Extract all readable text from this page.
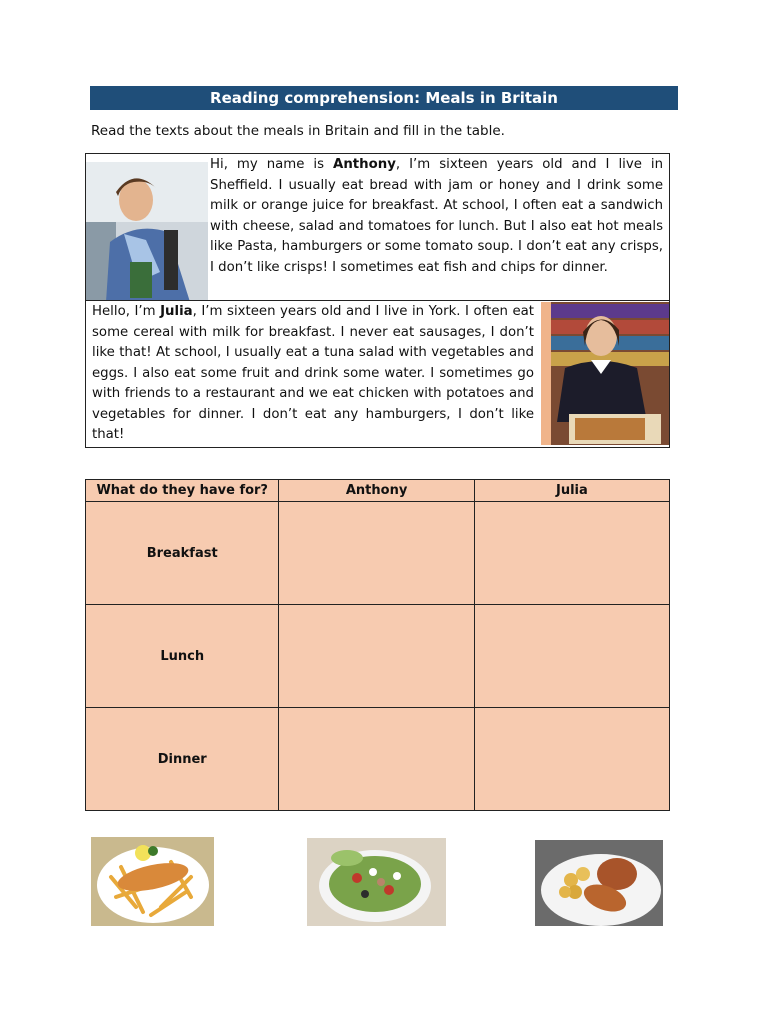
Reading comprehension: Meals in Britain
Read the texts about the meals in Britain and fill in the table.
Hi, my name is Anthony, I’m sixteen years old and I live in Sheffield. I usually eat bread with jam or honey and I drink some milk or orange juice for breakfast. At school, I often eat a sandwich with cheese, salad and tomatoes for lunch. But I also eat hot meals like Pasta, hamburgers or some tomato soup. I don’t eat any crisps, I don’t like crisps! I sometimes eat fish and chips for dinner.
Hello, I’m Julia, I’m sixteen years old and I live in York. I often eat some cereal with milk for breakfast. I never eat sausages, I don’t like that! At school, I usually eat a tuna salad with vegetables and eggs. I also eat some fruit and drink some water. I sometimes go with friends to a restaurant and we eat chicken with potatoes and vegetables for dinner. I don’t eat any hamburgers, I don’t like that!
What do they have for?	Anthony	Julia
Breakfast		
Lunch		
Dinner		
